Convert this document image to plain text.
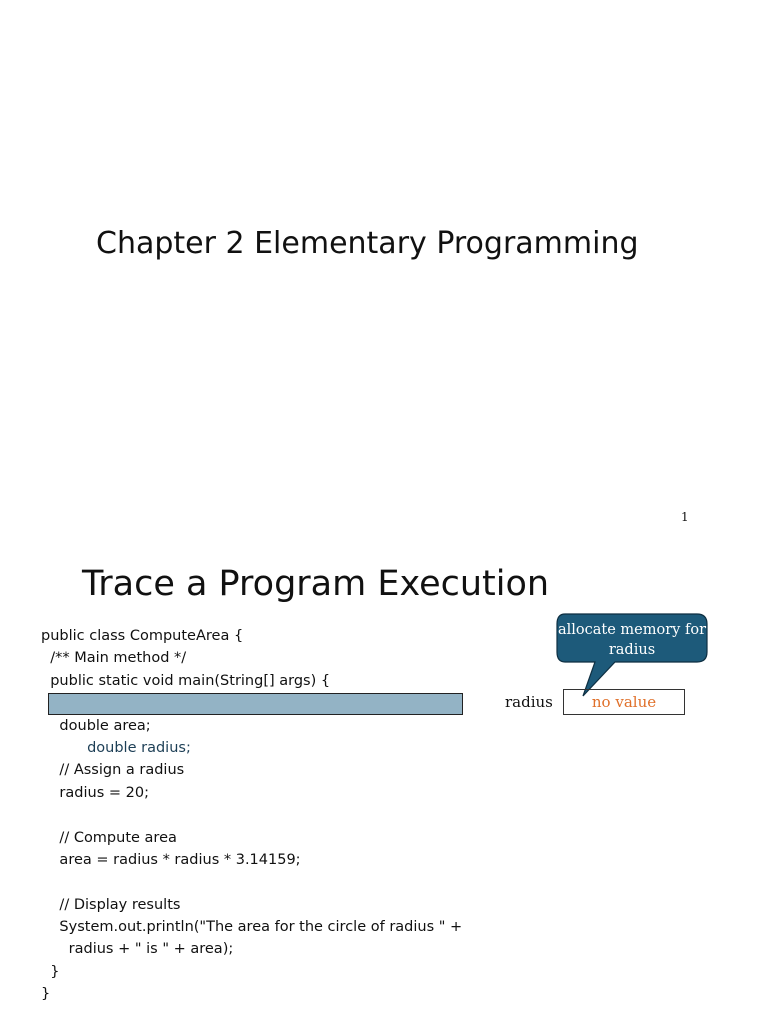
Chapter 2 Elementary Programming
1
Trace a Program Execution
public class ComputeArea {
/** Main method */
public static void main(String[] args) {

double radius;

double area;
// Assign a radius
radius = 20;
// Compute area
area = radius * radius * 3.14159;
// Display results
System.out.println("The area for the circle of radius " +
radius + " is " + area);
}
}
allocate memory for radius
radius	no value
